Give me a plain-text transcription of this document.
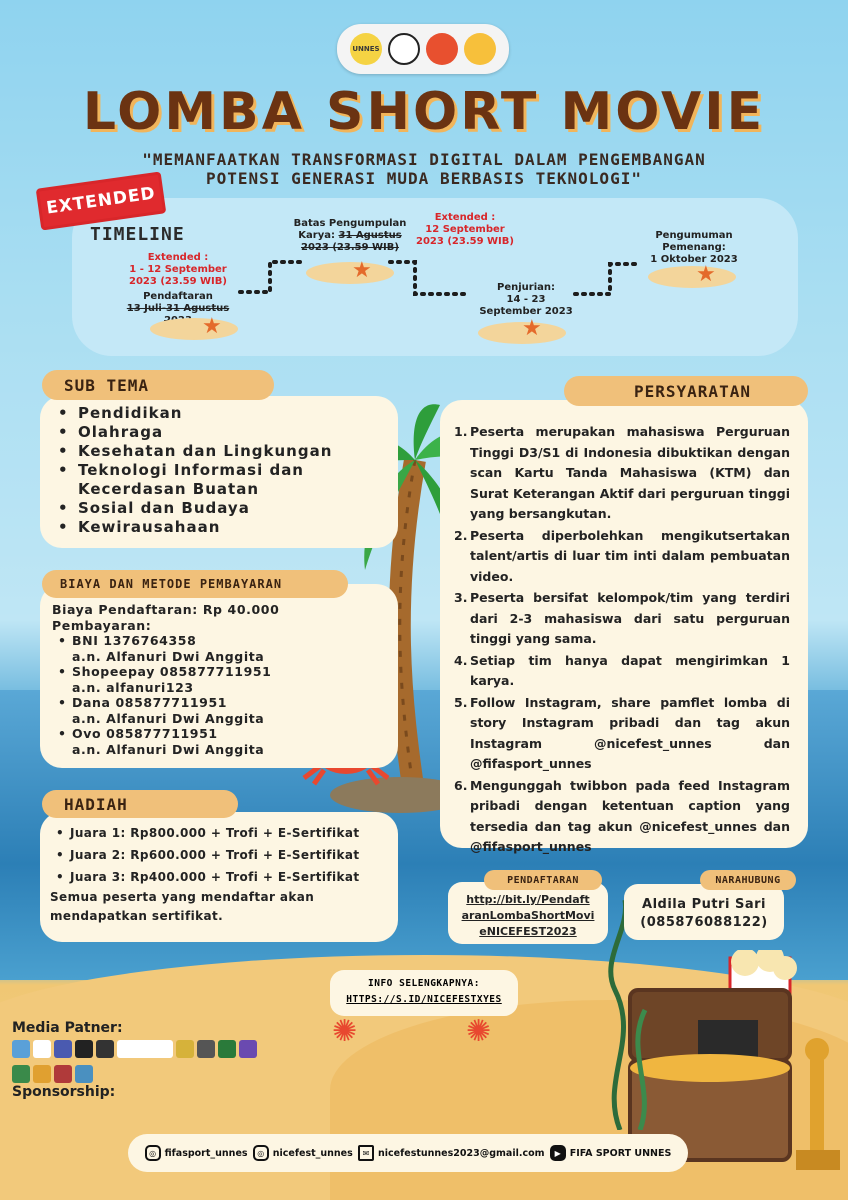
UNNES
LOMBA SHORT MOVIE
"MEMANFAATKAN TRANSFORMASI DIGITAL DALAM PENGEMBANGAN
POTENSI GENERASI MUDA BERBASIS TEKNOLOGI"
EXTENDED
TIMELINE
Extended :
1 - 12 September
2023 (23.59 WIB)
Pendaftaran
13 Juli-31 Agustus
★
Batas Pengumpulan
Karya: 31 Agustus
2023 (23.59 WIB)
★
Extended :
12 September
2023 (23.59 WIB)
Penjurian:
14 - 23
September 2023
★
Pengumuman
Pemenang:
1 Oktober 2023
★
• Pendidikan
• Olahraga
• Kesehatan dan Lingkungan
• Teknologi Informasi dan Kecerdasan Buatan
• Sosial dan Budaya
• Kewirausahaan
SUB TEMA
Biaya Pendaftaran: Rp 40.000
Pembayaran:
• BNI 1376764358
a.n. Alfanuri Dwi Anggita
• Shopeepay 085877711951
a.n. alfanuri123
• Dana 085877711951
a.n. Alfanuri Dwi Anggita
• Ovo 085877711951
a.n. Alfanuri Dwi Anggita
BIAYA DAN METODE PEMBAYARAN
• Juara 1: Rp800.000 + Trofi + E-Sertifikat
• Juara 2: Rp600.000 + Trofi + E-Sertifikat
• Juara 3: Rp400.000 + Trofi + E-Sertifikat
Semua peserta yang mendaftar akan mendapatkan sertifikat.
HADIAH
1. Peserta merupakan mahasiswa Perguruan Tinggi D3/S1 di Indonesia dibuktikan dengan scan Kartu Tanda Mahasiswa (KTM) dan Surat Keterangan Aktif dari perguruan tinggi yang bersangkutan.
2. Peserta diperbolehkan mengikutsertakan talent/artis di luar tim inti dalam pembuatan video.
3. Peserta bersifat kelompok/tim yang terdiri dari 2-3 mahasiswa dari satu perguruan tinggi yang sama.
4. Setiap tim hanya dapat mengirimkan 1 karya.
5. Follow Instagram, share pamflet lomba di story Instagram pribadi dan tag akun Instagram @nicefest_unnes dan @fifasport_unnes
6. Mengunggah twibbon pada feed Instagram pribadi dengan ketentuan caption yang tersedia dan tag akun @nicefest_unnes dan @fifasport_unnes
PERSYARATAN
http://bit.ly/Pendaft
aranLombaShortMovi
eNICEFEST2023
PENDAFTARAN
Aldila Putri Sari
(085876088122)
NARAHUBUNG
INFO SELENGKAPNYA:
HTTPS://S.ID/NICEFESTXYES
✺	✺
Media Patner:
Sponsorship:
◎ fifasport_unnes	◎ nicefest_unnes	✉ nicefestunnes2023@gmail.com	▶ FIFA SPORT UNNES
